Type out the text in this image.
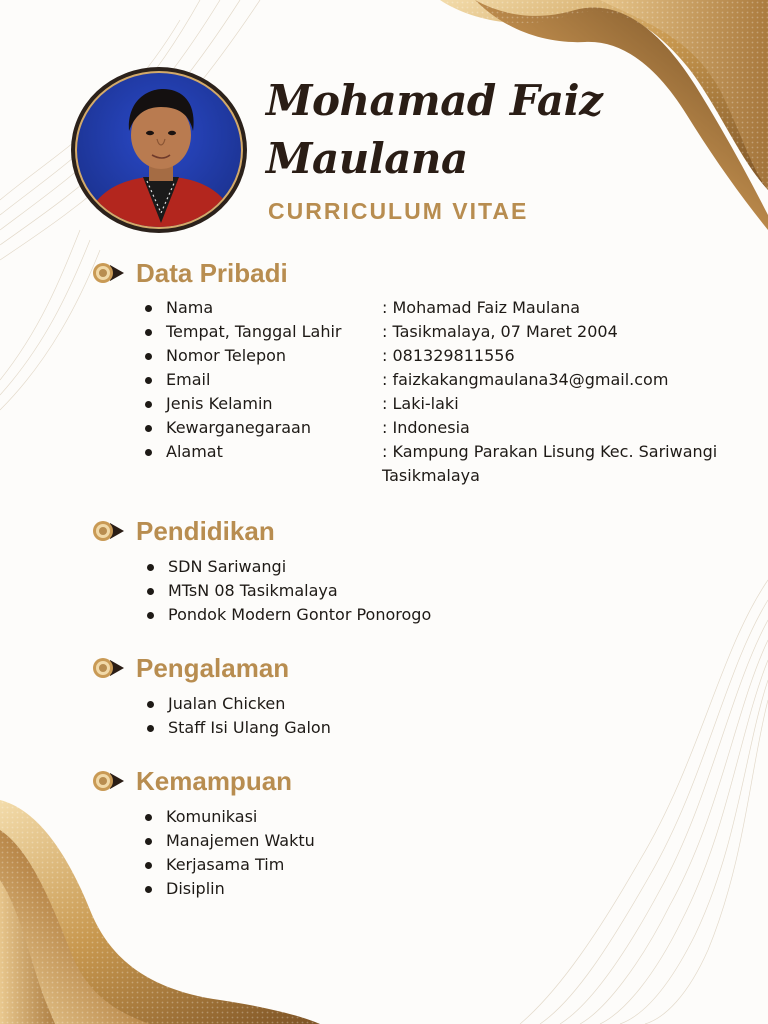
Mohamad Faiz
Maulana
CURRICULUM VITAE
Data Pribadi
Nama	: Mohamad Faiz Maulana
Tempat, Tanggal Lahir	: Tasikmalaya, 07 Maret 2004
Nomor Telepon	: 081329811556
Email	: faizkakangmaulana34@gmail.com
Jenis Kelamin	: Laki-laki
Kewarganegaraan	: Indonesia
Alamat	: Kampung Parakan Lisung Kec. Sariwangi Tasikmalaya
Pendidikan
SDN Sariwangi
MTsN 08 Tasikmalaya
Pondok Modern Gontor Ponorogo
Pengalaman
Jualan Chicken
Staff Isi Ulang Galon
Kemampuan
Komunikasi
Manajemen Waktu
Kerjasama Tim
Disiplin
